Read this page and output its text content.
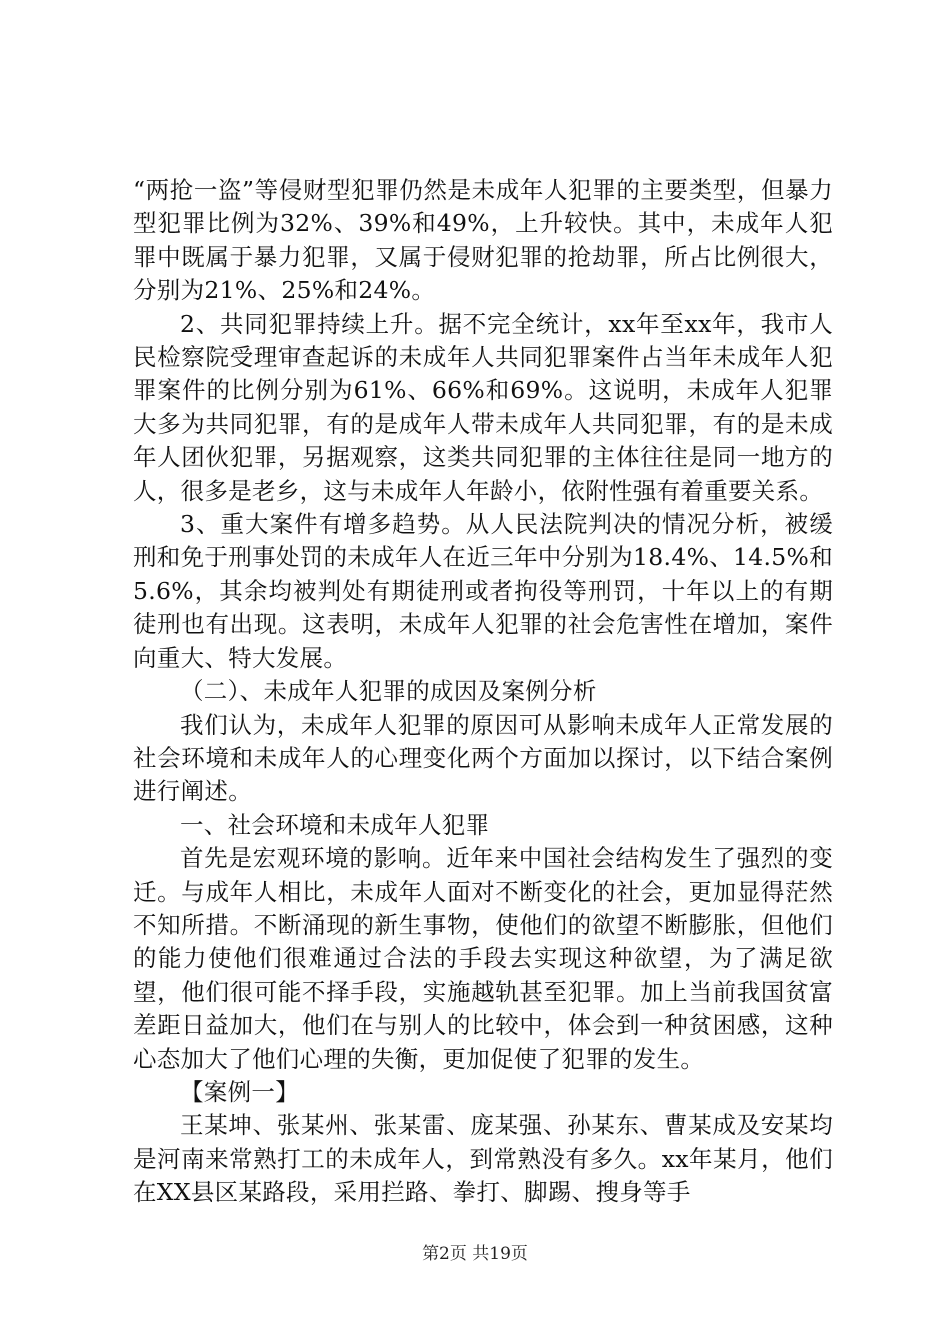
“两抢一盗”等侵财型犯罪仍然是未成年人犯罪的主要类型，但暴力型犯罪比例为32%、39%和49%，上升较快。其中，未成年人犯罪中既属于暴力犯罪，又属于侵财犯罪的抢劫罪，所占比例很大，分别为21%、25%和24%。

2、共同犯罪持续上升。据不完全统计，xx年至xx年，我市人民检察院受理审查起诉的未成年人共同犯罪案件占当年未成年人犯罪案件的比例分别为61%、66%和69%。这说明，未成年人犯罪大多为共同犯罪，有的是成年人带未成年人共同犯罪，有的是未成年人团伙犯罪，另据观察，这类共同犯罪的主体往往是同一地方的人，很多是老乡，这与未成年人年龄小，依附性强有着重要关系。

3、重大案件有增多趋势。从人民法院判决的情况分析，被缓刑和免于刑事处罚的未成年人在近三年中分别为18.4%、14.5%和5.6%，其余均被判处有期徒刑或者拘役等刑罚，十年以上的有期徒刑也有出现。这表明，未成年人犯罪的社会危害性在增加，案件向重大、特大发展。

（二）、未成年人犯罪的成因及案例分析

我们认为，未成年人犯罪的原因可从影响未成年人正常发展的社会环境和未成年人的心理变化两个方面加以探讨，以下结合案例进行阐述。

一、社会环境和未成年人犯罪

首先是宏观环境的影响。近年来中国社会结构发生了强烈的变迁。与成年人相比，未成年人面对不断变化的社会，更加显得茫然不知所措。不断涌现的新生事物，使他们的欲望不断膨胀，但他们的能力使他们很难通过合法的手段去实现这种欲望，为了满足欲望，他们很可能不择手段，实施越轨甚至犯罪。加上当前我国贫富差距日益加大，他们在与别人的比较中，体会到一种贫困感，这种心态加大了他们心理的失衡，更加促使了犯罪的发生。

【案例一】

王某坤、张某州、张某雷、庞某强、孙某东、曹某成及安某均是河南来常熟打工的未成年人，到常熟没有多久。xx年某月，他们在XX县区某路段，采用拦路、拳打、脚踢、搜身等手

第2页 共19页
